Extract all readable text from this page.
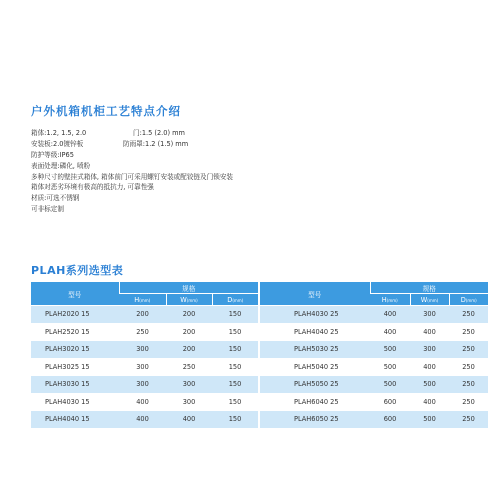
户外机箱机柜工艺特点介绍
箱体:1.2, 1.5, 2.0	门:1.5 (2.0) mm
安装板:2.0镀锌板	防雨罩:1.2 (1.5) mm
防护等级:IP65
表面处理:磷化, 喷粉
多种尺寸的壁挂式箱体, 箱体前门可采用螺钉安装或配铰链及门锁安装
箱体对恶劣环境有极高的抵抗力, 可靠性强
材质:可选不锈钢
可非标定制
PLAH系列选型表
型号	规格		
	H(mm)	W(mm)	D(mm)
PLAH2020 15	200	200	150
PLAH2520 15	250	200	150
PLAH3020 15	300	200	150
PLAH3025 15	300	250	150
PLAH3030 15	300	300	150
PLAH4030 15	400	300	150
PLAH4040 15	400	400	150
型号	规格		
	H(mm)	W(mm)	D(mm)
PLAH4030 25	400	300	250
PLAH4040 25	400	400	250
PLAH5030 25	500	300	250
PLAH5040 25	500	400	250
PLAH5050 25	500	500	250
PLAH6040 25	600	400	250
PLAH6050 25	600	500	250
